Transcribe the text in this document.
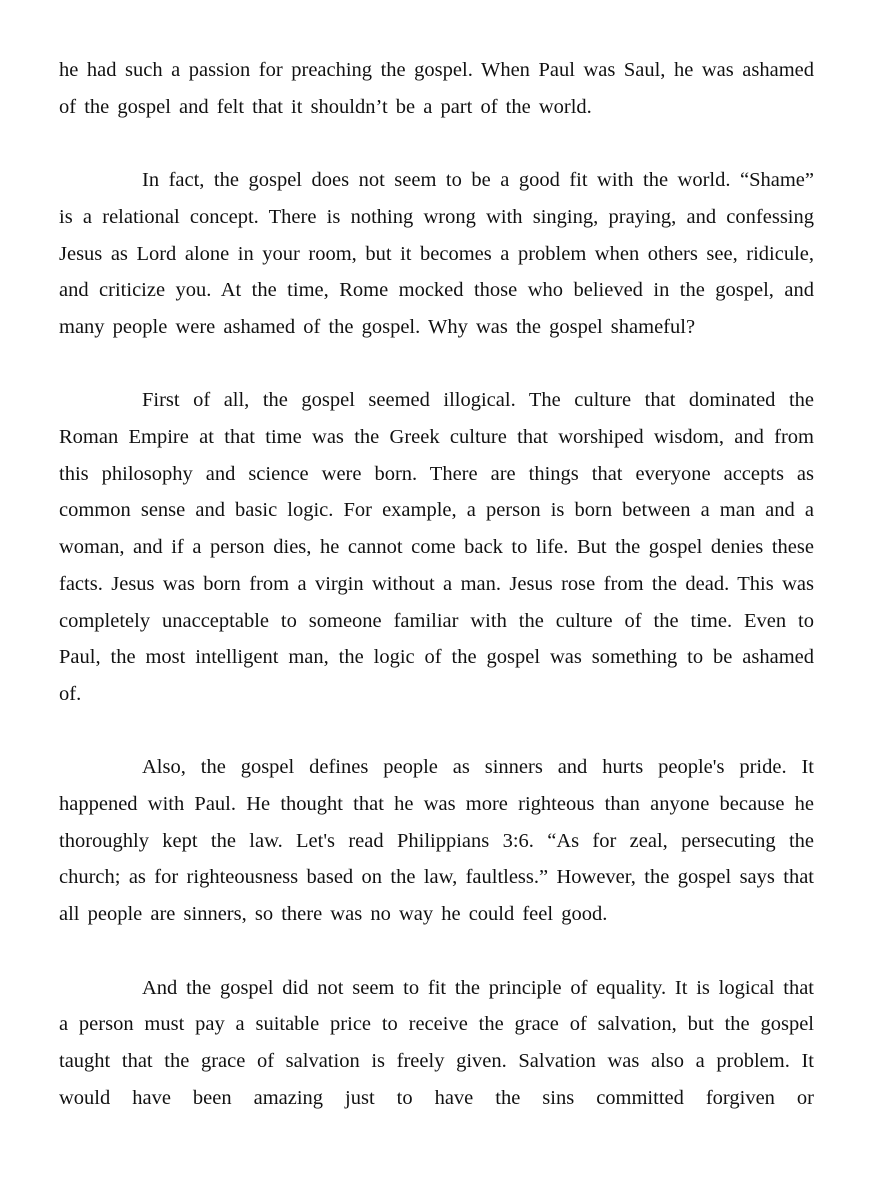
he had such a passion for preaching the gospel. When Paul was Saul, he was ashamed of the gospel and felt that it shouldn’t be a part of the world.

In fact, the gospel does not seem to be a good fit with the world. “Shame” is a relational concept. There is nothing wrong with singing, praying, and confessing Jesus as Lord alone in your room, but it becomes a problem when others see, ridicule, and criticize you. At the time, Rome mocked those who believed in the gospel, and many people were ashamed of the gospel. Why was the gospel shameful?

First of all, the gospel seemed illogical. The culture that dominated the Roman Empire at that time was the Greek culture that worshiped wisdom, and from this philosophy and science were born. There are things that everyone accepts as common sense and basic logic. For example, a person is born between a man and a woman, and if a person dies, he cannot come back to life. But the gospel denies these facts. Jesus was born from a virgin without a man. Jesus rose from the dead. This was completely unacceptable to someone familiar with the culture of the time. Even to Paul, the most intelligent man, the logic of the gospel was something to be ashamed of.

Also, the gospel defines people as sinners and hurts people's pride. It happened with Paul. He thought that he was more righteous than anyone because he thoroughly kept the law. Let's read Philippians 3:6. “As for zeal, persecuting the church; as for righteousness based on the law, faultless.” However, the gospel says that all people are sinners, so there was no way he could feel good.

And the gospel did not seem to fit the principle of equality. It is logical that a person must pay a suitable price to receive the grace of salvation, but the gospel taught that the grace of salvation is freely given. Salvation was also a problem. It would have been amazing just to have the sins committed forgiven or
